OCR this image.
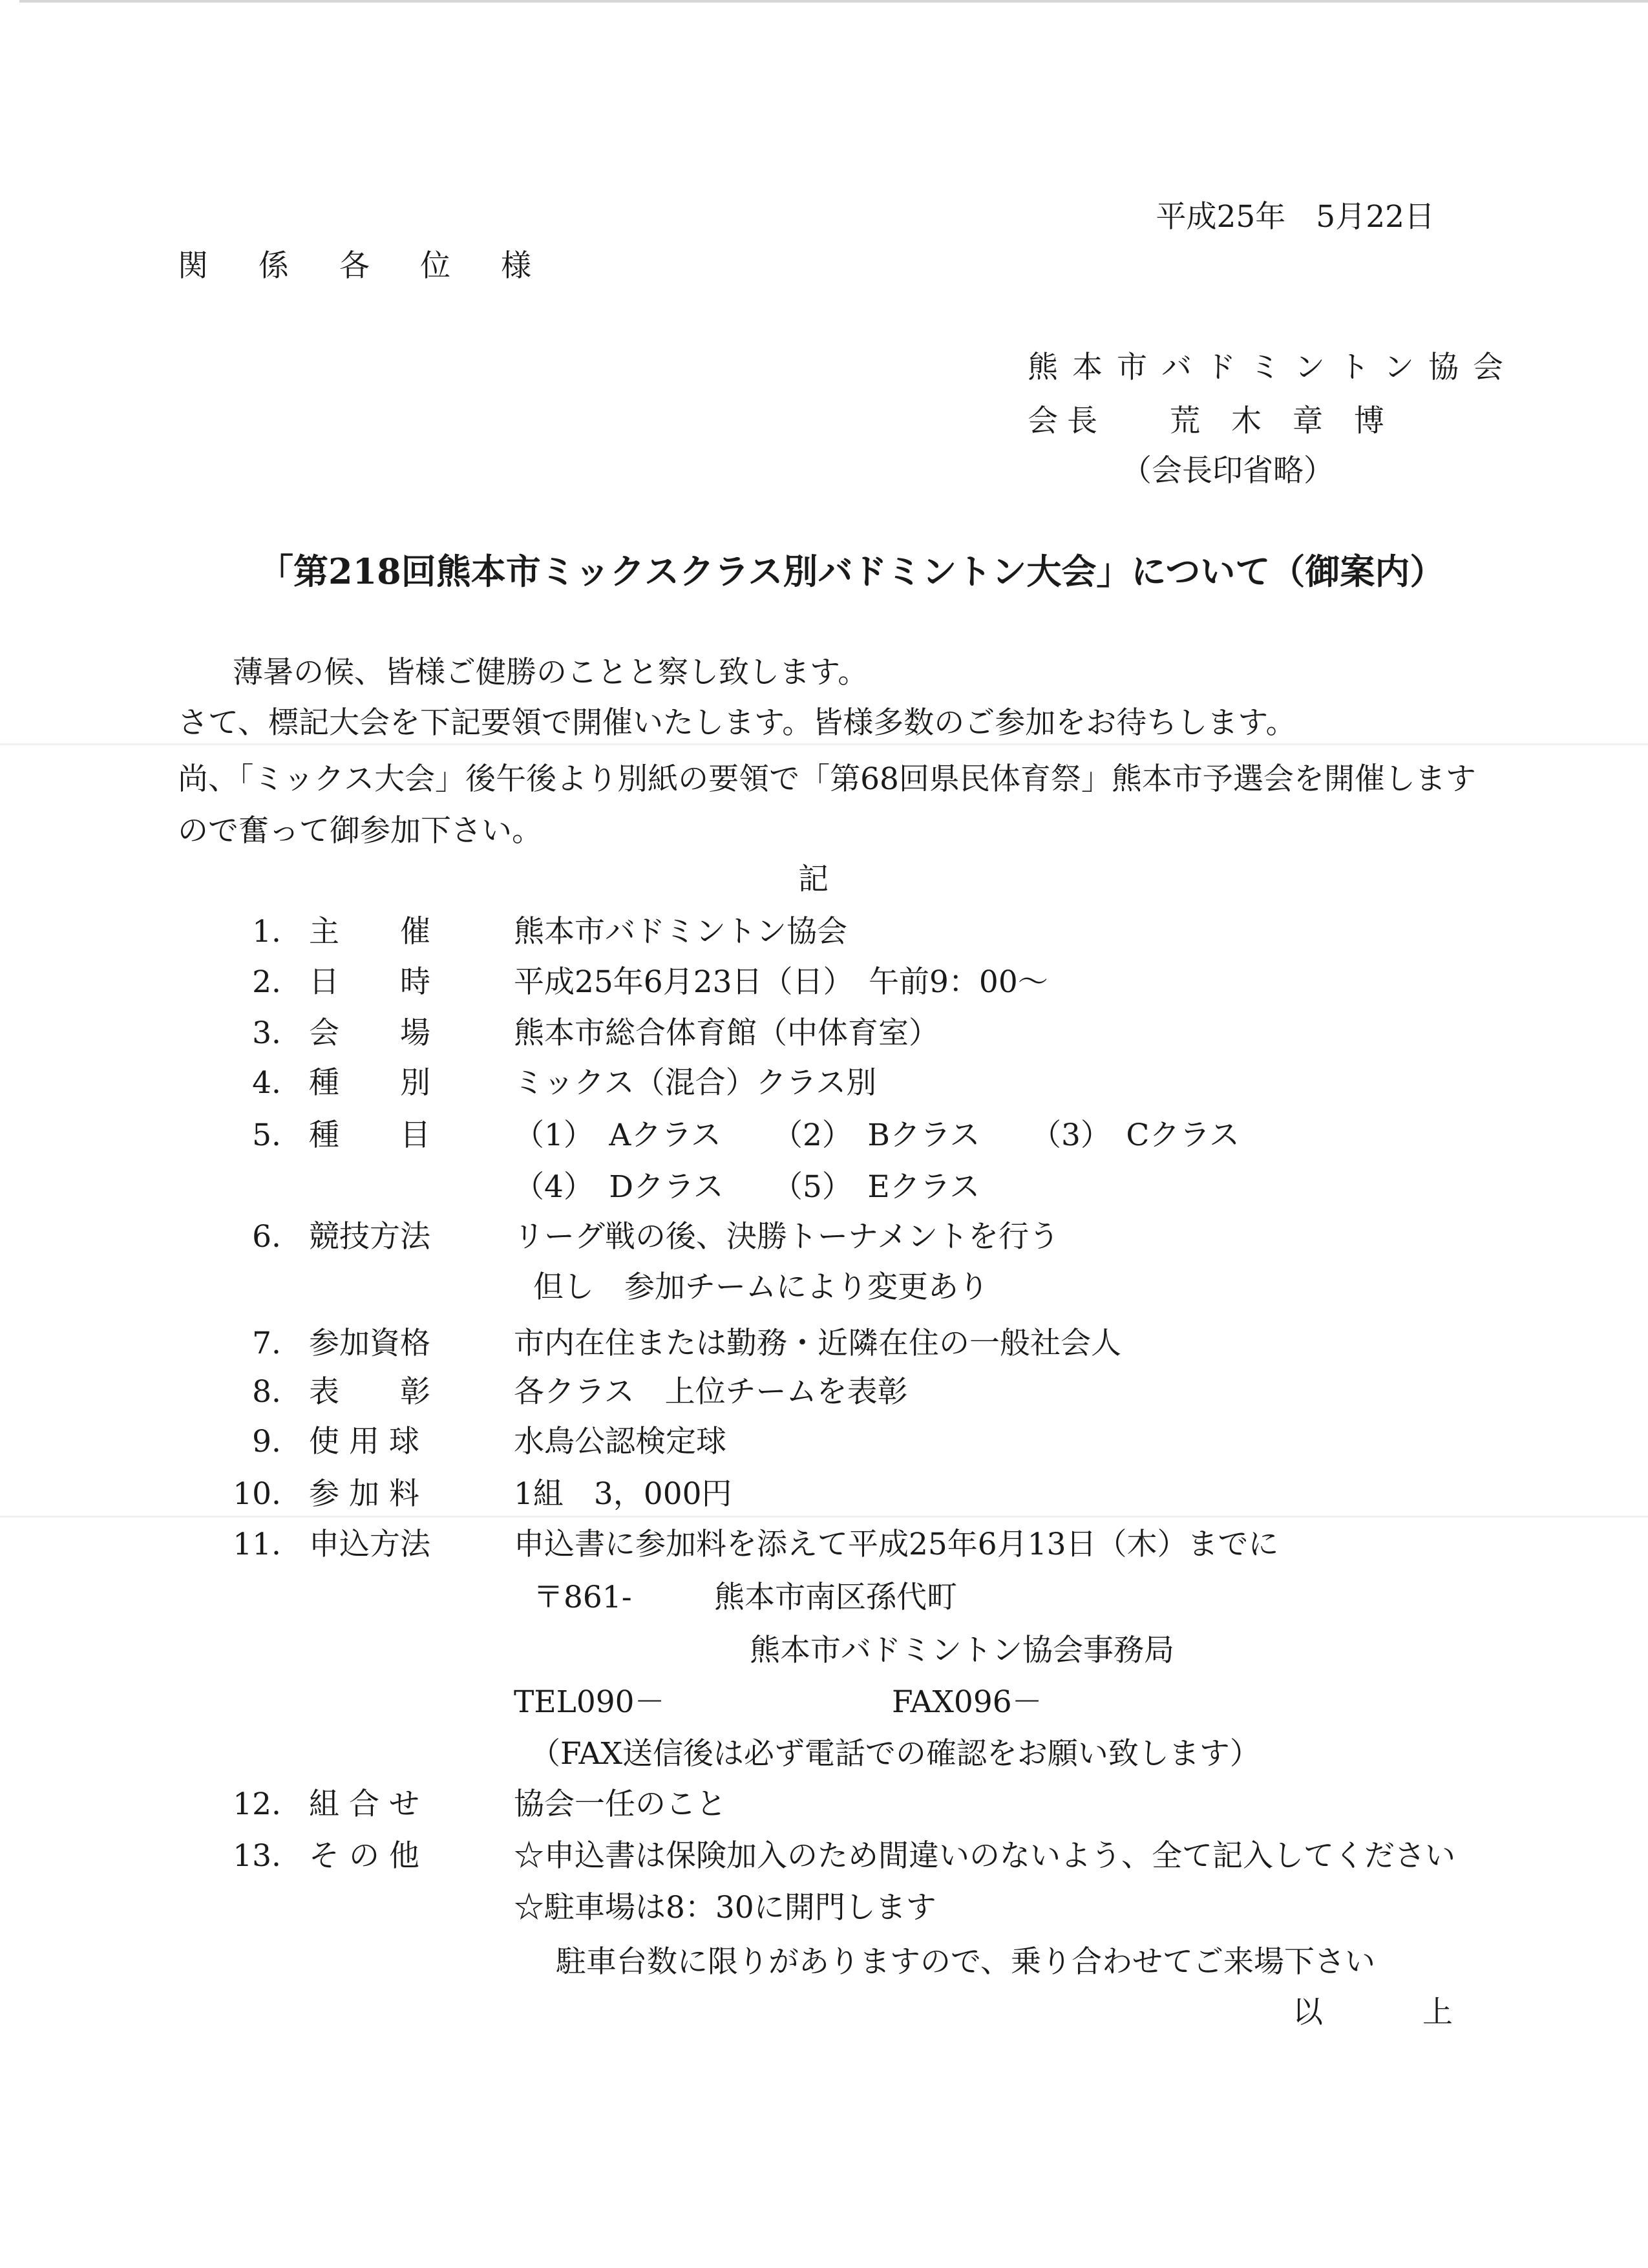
平成25年　5月22日
関係各位様
熊本市バドミントン協会
会長 荒木章博
（会長印省略）
「第218回熊本市ミックスクラス別バドミントン大会」について（御案内）
薄暑の候、皆様ご健勝のことと察し致します。
さて、標記大会を下記要領で開催いたします。皆様多数のご参加をお待ちします。
尚、「ミックス大会」後午後より別紙の要領で「第68回県民体育祭」熊本市予選会を開催します
ので奮って御参加下さい。
記
1. 主　　催	熊本市バドミントン協会
2. 日　　時	平成25年6月23日（日）　午前9：00～
3. 会　　場	熊本市総合体育館（中体育室）
4. 種　　別	ミックス（混合）クラス別
5. 種　　目	（1）　Aクラス （2）　Bクラス （3）　Cクラス
（4）　Dクラス （5）　Eクラス
6. 競技方法	リーグ戦の後、決勝トーナメントを行う
但し　参加チームにより変更あり
7. 参加資格	市内在住または勤務・近隣在住の一般社会人
8. 表　　彰	各クラス　上位チームを表彰
9. 使 用 球	水鳥公認検定球
10. 参 加 料	1組　3，000円
11. 申込方法	申込書に参加料を添えて平成25年6月13日（木）までに
〒861-	熊本市南区孫代町
熊本市バドミントン協会事務局
TEL090－	FAX096－
（FAX送信後は必ず電話での確認をお願い致します）
12. 組 合 せ	協会一任のこと
13. そ の 他	☆申込書は保険加入のため間違いのないよう、全て記入してください
☆駐車場は8：30に開門します
駐車台数に限りがありますので、乗り合わせてご来場下さい
以　　上
